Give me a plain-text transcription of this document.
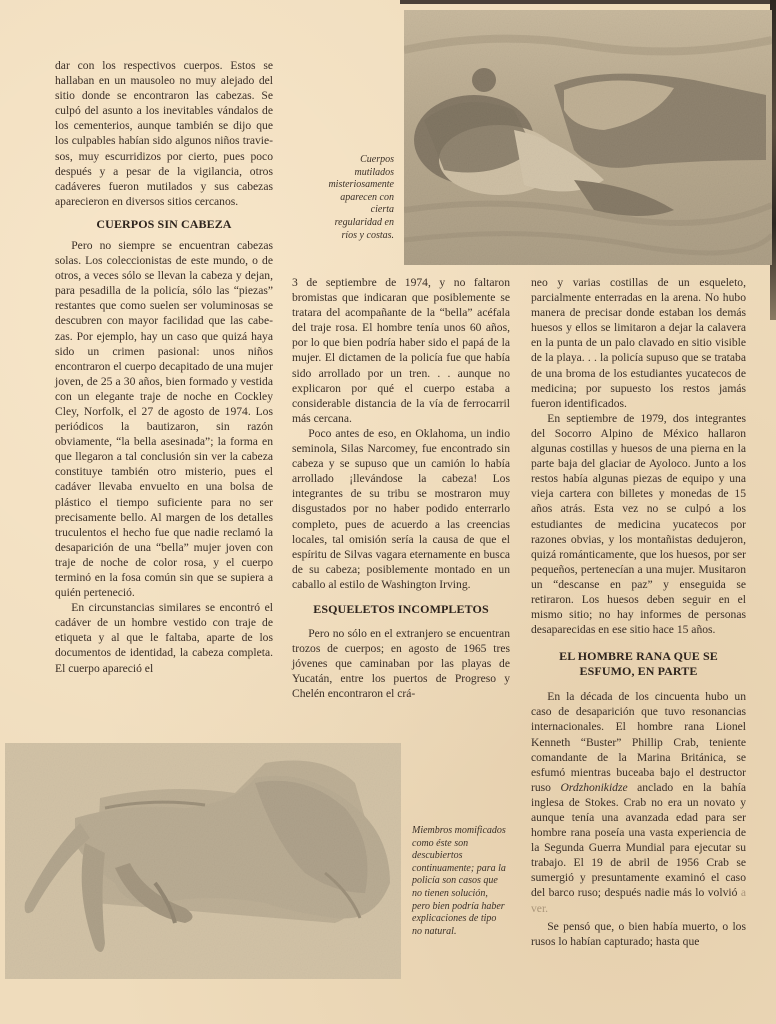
Cuerpos mutilados misteriosamente aparecen con cierta regularidad en ríos y costas.

dar con los respectivos cuerpos. Estos se hallaban en un mausoleo no muy alejado del sitio donde se encontraron las cabezas. Se culpó del asunto a los inevitables vándalos de los cementerios, aunque también se dijo que los culpables habían sido algunos niños traviesos, muy escurridizos por cierto, pues poco después y a pesar de la vigilancia, otros cadáveres fueron mutilados y sus cabezas aparecieron en diversos sitios cercanos.

CUERPOS SIN CABEZA

Pero no siempre se encuentran cabezas solas. Los coleccionistas de este mundo, o de otros, a veces sólo se llevan la cabeza y dejan, para pesadilla de la policía, sólo las “piezas” restantes que como suelen ser voluminosas se descubren con mayor facilidad que las cabezas. Por ejemplo, hay un caso que quizá haya sido un crimen pasional: unos niños encontraron el cuerpo decapitado de una mujer joven, de 25 a 30 años, bien formado y vestida con un elegante traje de noche en Cockley Cley, Norfolk, el 27 de agosto de 1974. Los periódicos la bautizaron, sin razón obviamente, “la bella asesinada”; la forma en que llegaron a tal conclusión sin ver la cabeza constituye también otro misterio, pues el cadáver llevaba envuelto en una bolsa de plástico el tiempo suficiente para no ser precisamente bello. Al margen de los detalles truculentos el hecho fue que nadie reclamó la desaparición de una “bella” mujer joven con traje de noche de color rosa, y el cuerpo terminó en la fosa común sin que se supiera a quién perteneció.

En circunstancias similares se encontró el cadáver de un hombre vestido con traje de etiqueta y al que le faltaba, aparte de los documentos de identidad, la cabeza completa. El cuerpo apareció el

3 de septiembre de 1974, y no faltaron bromistas que indicaran que posiblemente se tratara del acompañante de la “bella” acéfala del traje rosa. El hombre tenía unos 60 años, por lo que bien podría haber sido el papá de la mujer. El dictamen de la policía fue que había sido arrollado por un tren. . . aunque no explicaron por qué el cuerpo estaba a considerable distancia de la vía de ferrocarril más cercana.

Poco antes de eso, en Oklahoma, un indio seminola, Silas Narcomey, fue encontrado sin cabeza y se supuso que un camión lo había arrollado ¡llevándose la cabeza! Los integrantes de su tribu se mostraron muy disgustados por no haber podido enterrarlo completo, pues de acuerdo a las creencias locales, tal omisión sería la causa de que el espíritu de Silvas vagara eternamente en busca de su cabeza; posiblemente montado en un caballo al estilo de Washington Irving.

ESQUELETOS INCOMPLETOS

Pero no sólo en el extranjero se encuentran trozos de cuerpos; en agosto de 1965 tres jóvenes que caminaban por las playas de Yucatán, entre los puertos de Progreso y Chelén encontraron el crá-

neo y varias costillas de un esqueleto, parcialmente enterradas en la arena. No hubo manera de precisar donde estaban los demás huesos y ellos se limitaron a dejar la calavera en la punta de un palo clavado en sitio visible de la playa. . . la policía supuso que se trataba de una broma de los estudiantes yucatecos de medicina; por supuesto los restos jamás fueron identificados.

En septiembre de 1979, dos integrantes del Socorro Alpino de México hallaron algunas costillas y huesos de una pierna en la parte baja del glaciar de Ayoloco. Junto a los restos había algunas piezas de equipo y una vieja cartera con billetes y monedas de 15 años atrás. Esta vez no se culpó a los estudiantes de medicina yucatecos por razones obvias, y los montañistas dedujeron, quizá románticamente, que los huesos, por ser pequeños, pertenecían a una mujer. Musitaron un “descanse en paz” y enseguida se retiraron. Los huesos deben seguir en el mismo sitio; no hay informes de personas desaparecidas en ese sitio hace 15 años.

EL HOMBRE RANA QUE SE ESFUMO, EN PARTE

En la década de los cincuenta hubo un caso de desaparición que tuvo resonancias internacionales. El hombre rana Lionel Kenneth “Buster” Phillip Crab, teniente comandante de la Marina Británica, se esfumó mientras buceaba bajo el destructor ruso Ordzhonikidze anclado en la bahía inglesa de Stokes. Crab no era un novato y aunque tenía una avanzada edad para ser hombre rana poseía una vasta experiencia de la Segunda Guerra Mundial para ejecutar su trabajo. El 19 de abril de 1956 Crab se sumergió y presuntamente examinó el caso del barco ruso; después nadie más lo volvió a ver.

Se pensó que, o bien había muerto, o los rusos lo habían capturado; hasta que

Miembros momificados como éste son descubiertos continuamente; para la policía son casos que no tienen solución, pero bien podría haber explicaciones de tipo no natural.
